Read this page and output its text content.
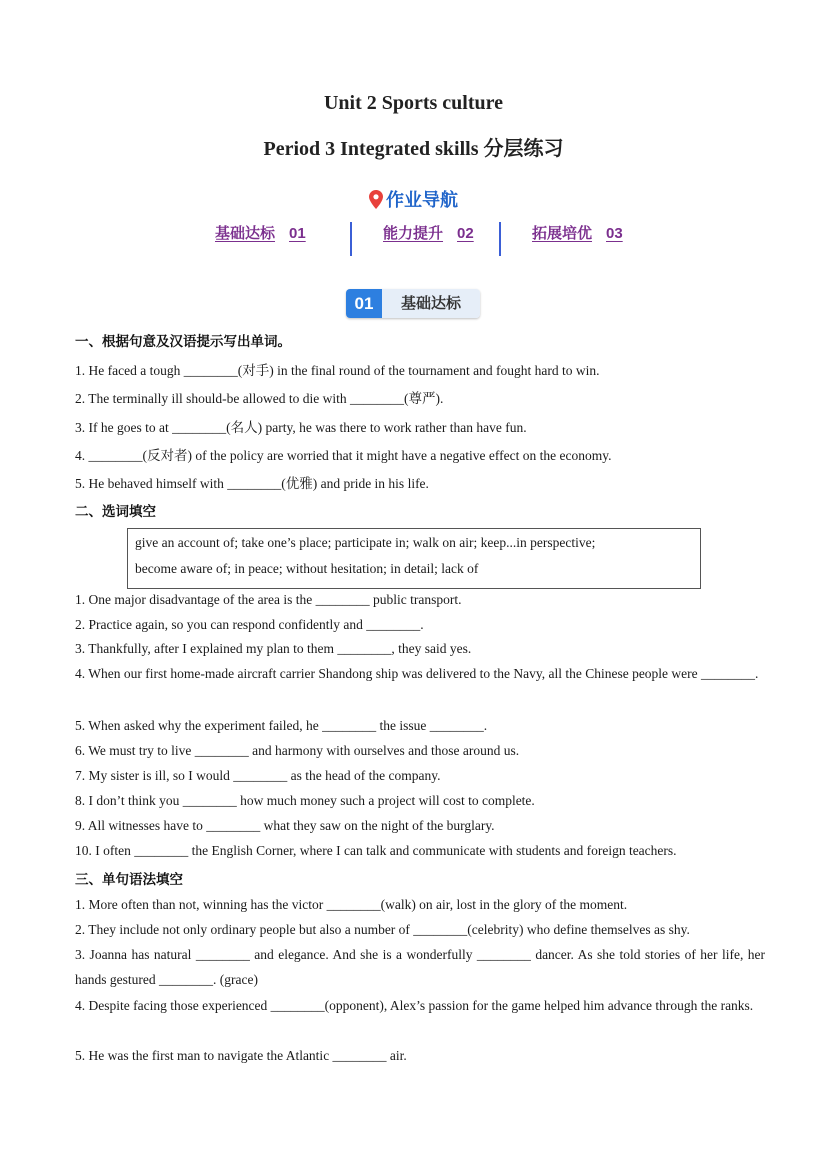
Unit 2 Sports culture
Period 3 Integrated skills 分层练习
作业导航
基础达标 01	能力提升 02	拓展培优 03
01	基础达标
一、根据句意及汉语提示写出单词。
1. He faced a tough ________(对手) in the final round of the tournament and fought hard to win.
2. The terminally ill should-be allowed to die with ________(尊严).
3. If he goes to at ________(名人) party, he was there to work rather than have fun.
4. ________(反对者) of the policy are worried that it might have a negative effect on the economy.
5. He behaved himself with ________(优雅) and pride in his life.
二、选词填空
give an account of; take one’s place; participate in; walk on air; keep...in perspective;
become aware of; in peace; without hesitation; in detail; lack of
1. One major disadvantage of the area is the ________ public transport.
2. Practice again, so you can respond confidently and ________.
3. Thankfully, after I explained my plan to them ________, they said yes.
4. When our first home-made aircraft carrier Shandong ship was delivered to the Navy, all the Chinese people were ________.
5. When asked why the experiment failed, he ________ the issue ________.
6. We must try to live ________ and harmony with ourselves and those around us.
7. My sister is ill, so I would ________ as the head of the company.
8. I don’t think you ________ how much money such a project will cost to complete.
9. All witnesses have to ________ what they saw on the night of the burglary.
10. I often ________ the English Corner, where I can talk and communicate with students and foreign teachers.
三、单句语法填空
1. More often than not, winning has the victor ________(walk) on air, lost in the glory of the moment.
2. They include not only ordinary people but also a number of ________(celebrity) who define themselves as shy.
3. Joanna has natural ________ and elegance. And she is a wonderfully ________ dancer. As she told stories of her life, her hands gestured ________. (grace)
4. Despite facing those experienced ________(opponent), Alex’s passion for the game helped him advance through the ranks.
5. He was the first man to navigate the Atlantic ________ air.
